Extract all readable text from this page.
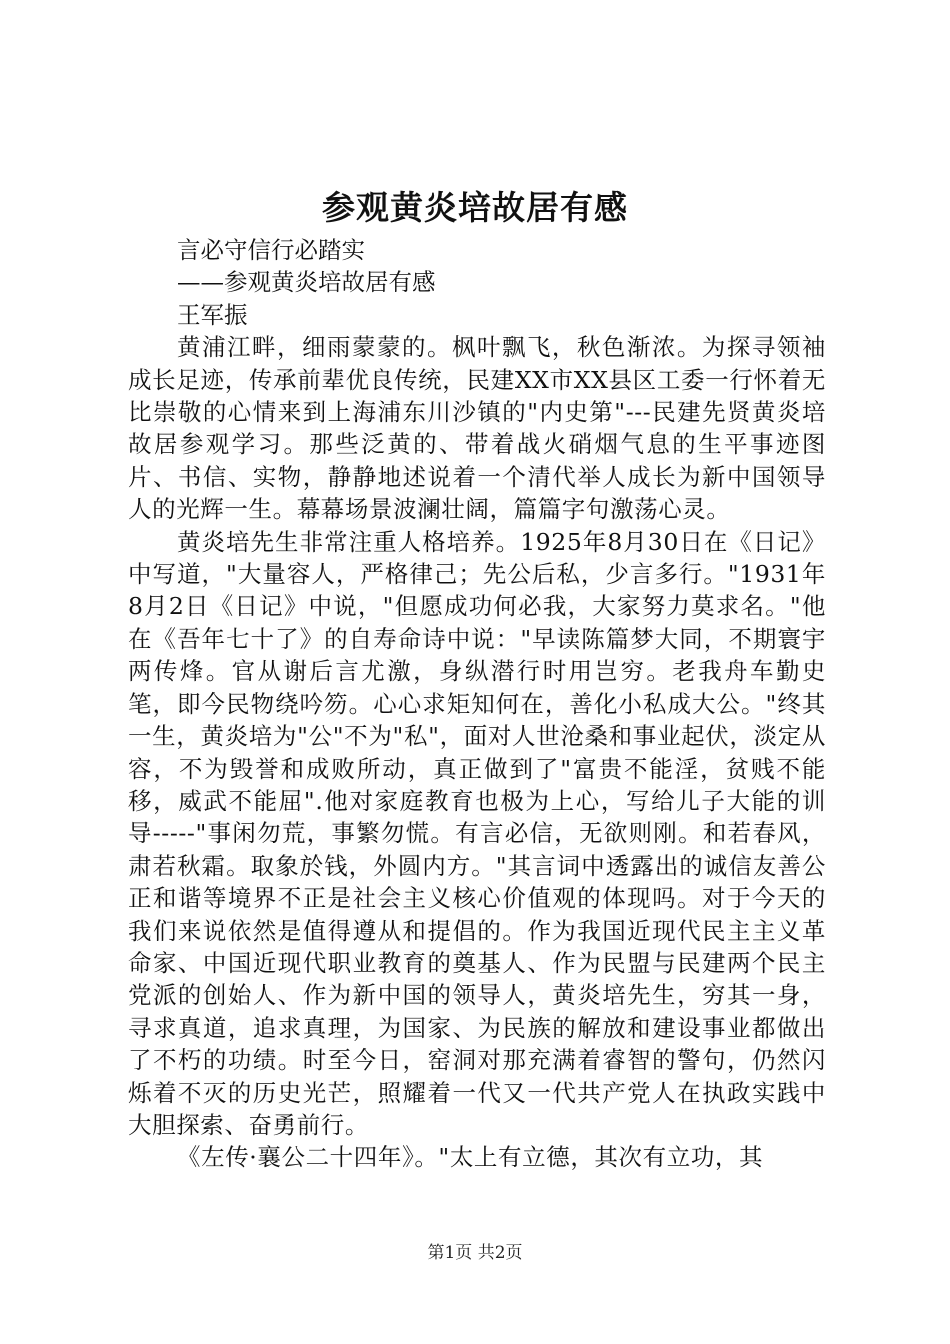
参观黄炎培故居有感

言必守信行必踏实

——参观黄炎培故居有感

王军振

黄浦江畔，细雨蒙蒙的。枫叶飘飞，秋色渐浓。为探寻领袖成长足迹，传承前辈优良传统，民建XX市XX县区工委一行怀着无比崇敬的心情来到上海浦东川沙镇的"内史第"---民建先贤黄炎培故居参观学习。那些泛黄的、带着战火硝烟气息的生平事迹图片、书信、实物，静静地述说着一个清代举人成长为新中国领导人的光辉一生。幕幕场景波澜壮阔，篇篇字句激荡心灵。

黄炎培先生非常注重人格培养。1925年8月30日在《日记》中写道，"大量容人，严格律己；先公后私，少言多行。"1931年8月2日《日记》中说，"但愿成功何必我，大家努力莫求名。"他在《吾年七十了》的自寿命诗中说："早读陈篇梦大同，不期寰宇两传烽。官从谢后言尤激，身纵潜行时用岂穷。老我舟车勤史笔，即今民物绕吟笏。心心求矩知何在，善化小私成大公。"终其一生，黄炎培为"公"不为"私"，面对人世沧桑和事业起伏，淡定从容，不为毁誉和成败所动，真正做到了"富贵不能淫，贫贱不能移，威武不能屈".他对家庭教育也极为上心，写给儿子大能的训导-----"事闲勿荒，事繁勿慌。有言必信，无欲则刚。和若春风，肃若秋霜。取象於钱，外圆内方。"其言词中透露出的诚信友善公正和谐等境界不正是社会主义核心价值观的体现吗。对于今天的我们来说依然是值得遵从和提倡的。作为我国近现代民主主义革命家、中国近现代职业教育的奠基人、作为民盟与民建两个民主党派的创始人、作为新中国的领导人，黄炎培先生，穷其一身，寻求真道，追求真理，为国家、为民族的解放和建设事业都做出了不朽的功绩。时至今日，窑洞对那充满着睿智的警句，仍然闪烁着不灭的历史光芒，照耀着一代又一代共产党人在执政实践中大胆探索、奋勇前行。

《左传·襄公二十四年》。"太上有立德，其次有立功，其

第1页 共2页
